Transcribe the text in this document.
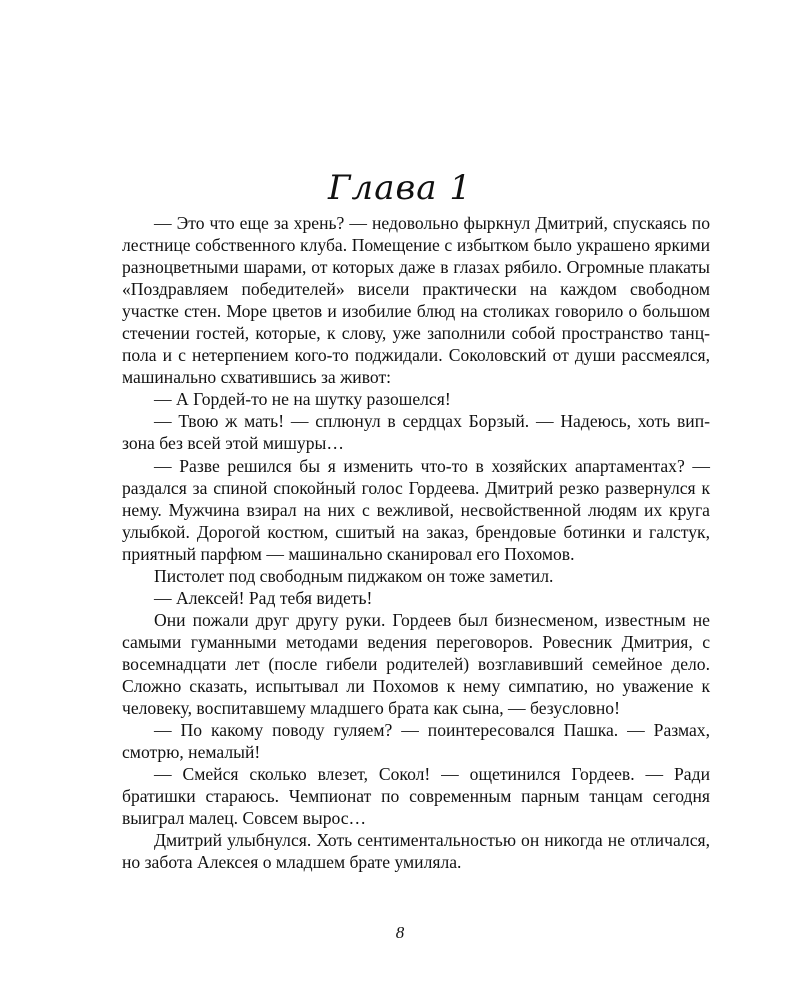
Глава 1

— Это что еще за хрень? — недовольно фыркнул Дмитрий, спускаясь по лестнице собственного клуба. Помещение с избытком было украшено яркими разноцветными шарами, от которых даже в глазах рябило. Огромные плакаты «Поздравляем победителей» висели практически на каждом свободном участке стен. Море цветов и изобилие блюд на столиках говорило о большом стечении гостей, которые, к слову, уже заполнили собой пространство танцпола и с нетерпением кого-то поджидали. Соколовский от души рассмеялся, машинально схватившись за живот:

— А Гордей-то не на шутку разошелся!

— Твою ж мать! — сплюнул в сердцах Борзый. — Надеюсь, хоть вип-зона без всей этой мишуры…

— Разве решился бы я изменить что-то в хозяйских апартаментах? — раздался за спиной спокойный голос Гордеева. Дмитрий резко развернулся к нему. Мужчина взирал на них с вежливой, несвойственной людям их круга улыбкой. Дорогой костюм, сшитый на заказ, брендовые ботинки и галстук, приятный парфюм — машинально сканировал его Похомов.

Пистолет под свободным пиджаком он тоже заметил.

— Алексей! Рад тебя видеть!

Они пожали друг другу руки. Гордеев был бизнесменом, известным не самыми гуманными методами ведения переговоров. Ровесник Дмитрия, с восемнадцати лет (после гибели родителей) возглавивший семейное дело. Сложно сказать, испытывал ли Похомов к нему симпатию, но уважение к человеку, воспитавшему младшего брата как сына, — безусловно!

— По какому поводу гуляем? — поинтересовался Пашка. — Размах, смотрю, немалый!

— Смейся сколько влезет, Сокол! — ощетинился Гордеев. — Ради братишки стараюсь. Чемпионат по современным парным танцам сегодня выиграл малец. Совсем вырос…

Дмитрий улыбнулся. Хоть сентиментальностью он никогда не отличался, но забота Алексея о младшем брате умиляла.

8
